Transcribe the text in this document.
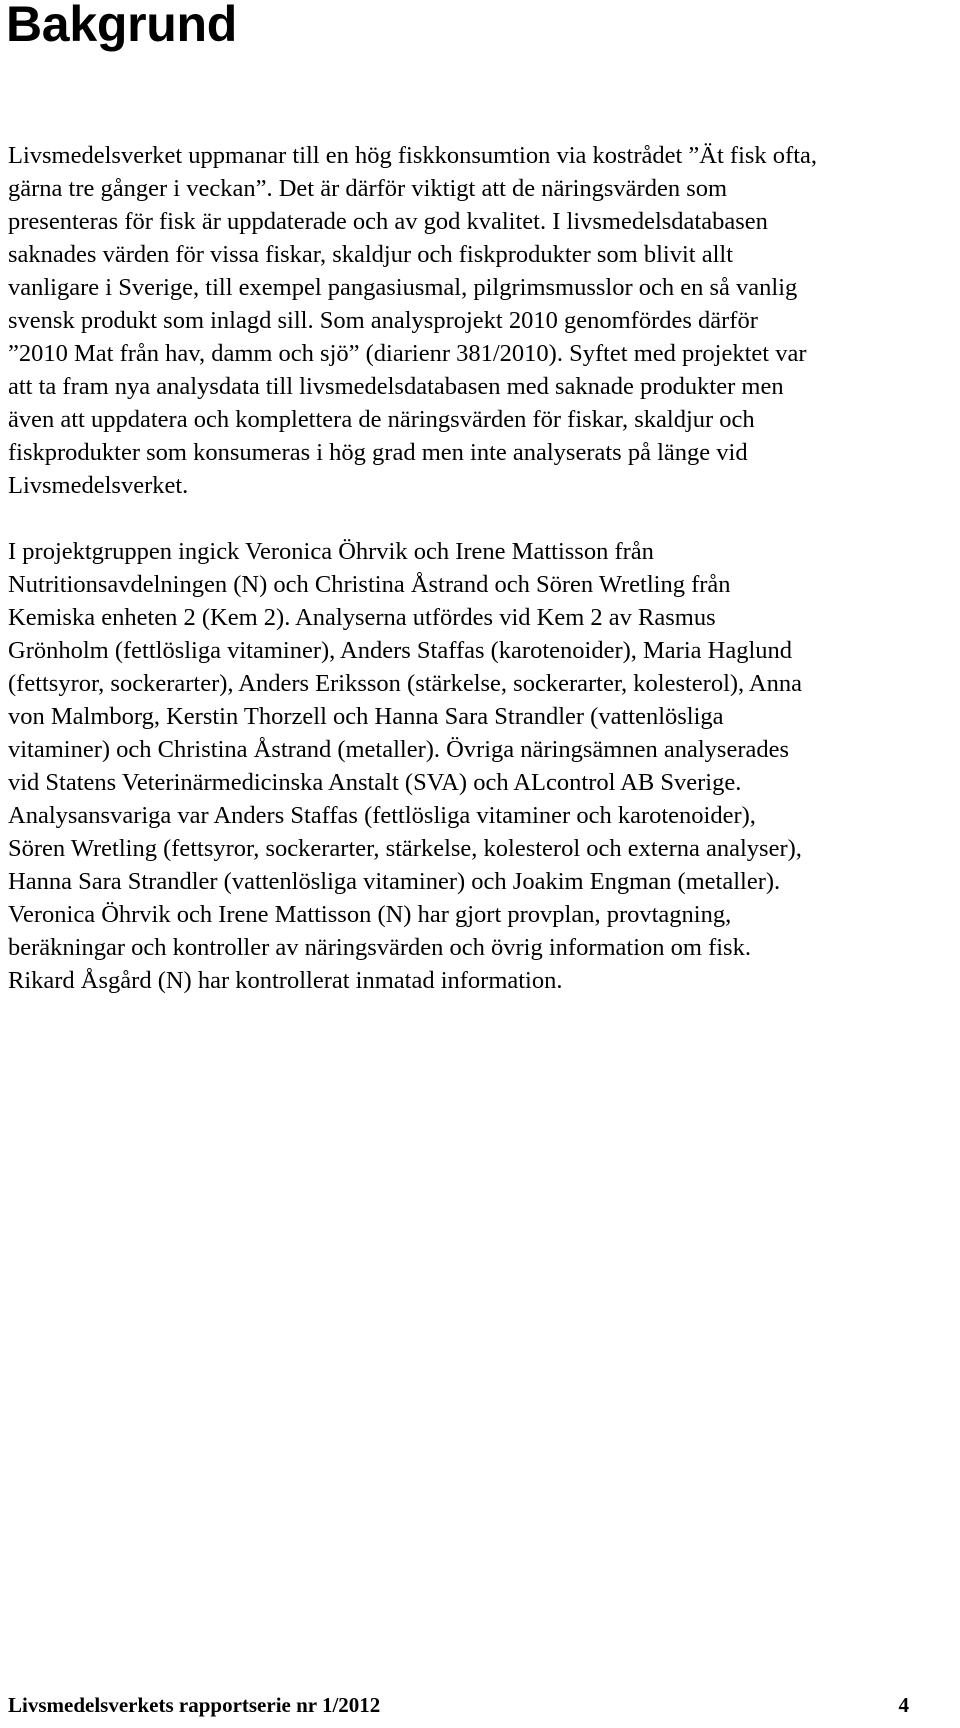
Bakgrund

Livsmedelsverket uppmanar till en hög fiskkonsumtion via kostrådet ”Ät fisk ofta,
gärna tre gånger i veckan”. Det är därför viktigt att de näringsvärden som
presenteras för fisk är uppdaterade och av god kvalitet. I livsmedelsdatabasen
saknades värden för vissa fiskar, skaldjur och fiskprodukter som blivit allt
vanligare i Sverige, till exempel pangasiusmal, pilgrimsmusslor och en så vanlig
svensk produkt som inlagd sill. Som analysprojekt 2010 genomfördes därför
”2010 Mat från hav, damm och sjö” (diarienr 381/2010). Syftet med projektet var
att ta fram nya analysdata till livsmedelsdatabasen med saknade produkter men
även att uppdatera och komplettera de näringsvärden för fiskar, skaldjur och
fiskprodukter som konsumeras i hög grad men inte analyserats på länge vid
Livsmedelsverket.

I projektgruppen ingick Veronica Öhrvik och Irene Mattisson från
Nutritionsavdelningen (N) och Christina Åstrand och Sören Wretling från
Kemiska enheten 2 (Kem 2). Analyserna utfördes vid Kem 2 av Rasmus
Grönholm (fettlösliga vitaminer), Anders Staffas (karotenoider), Maria Haglund
(fettsyror, sockerarter), Anders Eriksson (stärkelse, sockerarter, kolesterol), Anna
von Malmborg, Kerstin Thorzell och Hanna Sara Strandler (vattenlösliga
vitaminer) och Christina Åstrand (metaller). Övriga näringsämnen analyserades
vid Statens Veterinärmedicinska Anstalt (SVA) och ALcontrol AB Sverige.
Analysansvariga var Anders Staffas (fettlösliga vitaminer och karotenoider),
Sören Wretling (fettsyror, sockerarter, stärkelse, kolesterol och externa analyser),
Hanna Sara Strandler (vattenlösliga vitaminer) och Joakim Engman (metaller).
Veronica Öhrvik och Irene Mattisson (N) har gjort provplan, provtagning,
beräkningar och kontroller av näringsvärden och övrig information om fisk.
Rikard Åsgård (N) har kontrollerat inmatad information.

Livsmedelsverkets rapportserie nr 1/2012	4
